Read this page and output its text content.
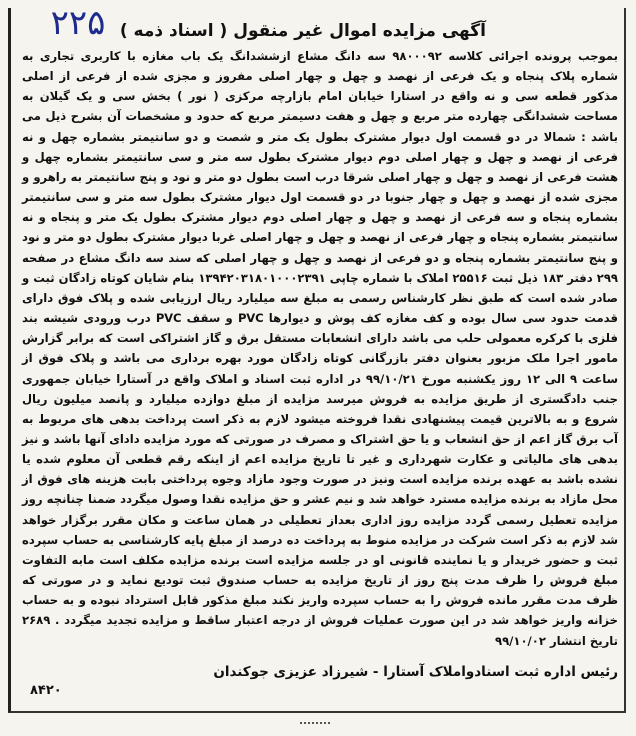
۲۲۵ آگهی مزایده اموال غیر منقول ( اسناد ذمه )

بموجب پرونده اجرائی کلاسه ۹۸۰۰۰۹۲ سه دانگ مشاع ازششدانگ یک باب مغازه با کاربری تجاری به شماره پلاک پنجاه و یک فرعی از نهصد و چهل و چهار اصلی مفروز و مجزی شده از فرعی از اصلی مذکور قطعه سی و نه واقع در استارا خیابان امام بازارچه مرکزی ( نور ) بخش سی و یک گیلان به مساحت ششدانگی چهارده متر مربع و چهل و هفت دسیمتر مربع که حدود و مشخصات آن بشرح ذیل می باشد : شمالا در دو قسمت اول دیوار مشترک بطول یک متر و شصت و دو سانتیمتر بشماره چهل و نه فرعی از نهصد و چهل و چهار اصلی دوم دیوار مشترک بطول سه متر و سی سانتیمتر بشماره چهل و هشت فرعی از نهصد و چهل و چهار اصلی شرقا درب است بطول دو متر و نود و پنج سانتیمتر به راهرو و مجزی شده از نهصد و چهل و چهار جنوبا در دو قسمت اول دیوار مشترک بطول سه متر و سی سانتیمتر بشماره پنجاه و سه فرعی از نهصد و چهل و چهار اصلی دوم دیوار مشترک بطول یک متر و پنجاه و نه سانتیمتر بشماره پنجاه و چهار فرعی از نهصد و چهل و چهار اصلی غربا دیوار مشترک بطول دو متر و نود و پنج سانتیمتر بشماره پنجاه و دو فرعی از نهصد و چهل و چهار اصلی که سند سه دانگ مشاع در صفحه ۲۹۹ دفتر ۱۸۳ ذیل ثبت ۲۵۵۱۶ املاک با شماره چاپی ۱۳۹۴۲۰۳۱۸۰۱۰۰۰۲۳۹۱ بنام شایان کوتاه زادگان ثبت و صادر شده است که طبق نظر کارشناس رسمی به مبلغ سه میلیارد ریال ارزیابی شده و پلاک فوق دارای قدمت حدود سی سال بوده و کف مغازه کف پوش و دیوارها PVC و سقف PVC درب ورودی شیشه بند فلزی با کرکره معمولی حلب می باشد دارای انشعابات مستقل برق و گاز اشتراکی است که برابر گزارش مامور اجرا ملک مزبور بعنوان دفتر بازرگانی کوتاه زادگان مورد بهره برداری می باشد و پلاک فوق از ساعت ۹ الی ۱۲ روز یکشنبه مورخ ۹۹/۱۰/۲۱ در اداره ثبت اسناد و املاک واقع در آستارا خیابان جمهوری جنب دادگستری از طریق مزایده به فروش میرسد مزایده از مبلغ دوازده میلیارد و پانصد میلیون ریال شروع و به بالاترین قیمت پیشنهادی نقدا فروخته میشود لازم به ذکر است پرداخت بدهی های مربوط به آب برق گاز اعم از حق انشعاب و یا حق اشتراک و مصرف در صورتی که مورد مزایده دادای آنها باشد و نیز بدهی های مالیاتی و عکارت شهرداری و غیر تا تاریخ مزایده اعم از اینکه رقم قطعی آن معلوم شده یا نشده باشد به عهده برنده مزایده است ونیز در صورت وجود مازاد وجوه پرداختی بابت هزینه های فوق از محل مازاد به برنده مزایده مسترد خواهد شد و نیم عشر و حق مزایده نقدا وصول میگردد ضمنا چنانچه روز مزایده تعطیل رسمی گردد مزایده روز اداری بعداز تعطیلی در همان ساعت و مکان مقرر برگزار خواهد شد لازم به ذکر است شرکت در مزایده منوط به پرداخت ده درصد از مبلغ پایه کارشناسی به حساب سپرده ثبت و حضور خریدار و یا نماینده قانونی او در جلسه مزایده است برنده مزایده مکلف است مابه التفاوت مبلغ فروش را ظرف مدت پنج روز از تاریخ مزایده به حساب صندوق ثبت تودیع نماید و در صورتی که ظرف مدت مقرر مانده فروش را به حساب سپرده واریز نکند مبلغ مذکور قابل استرداد نبوده و به حساب خزانه واریز خواهد شد در این صورت عملیات فروش از درجه اعتبار ساقط و مزایده تجدید میگردد . ۲۶۸۹ تاریخ انتشار ۹۹/۱۰/۰۲

رئیس اداره ثبت اسنادواملاک آستارا - شیرزاد عزیزی جوکندان
۸۴۲۰
